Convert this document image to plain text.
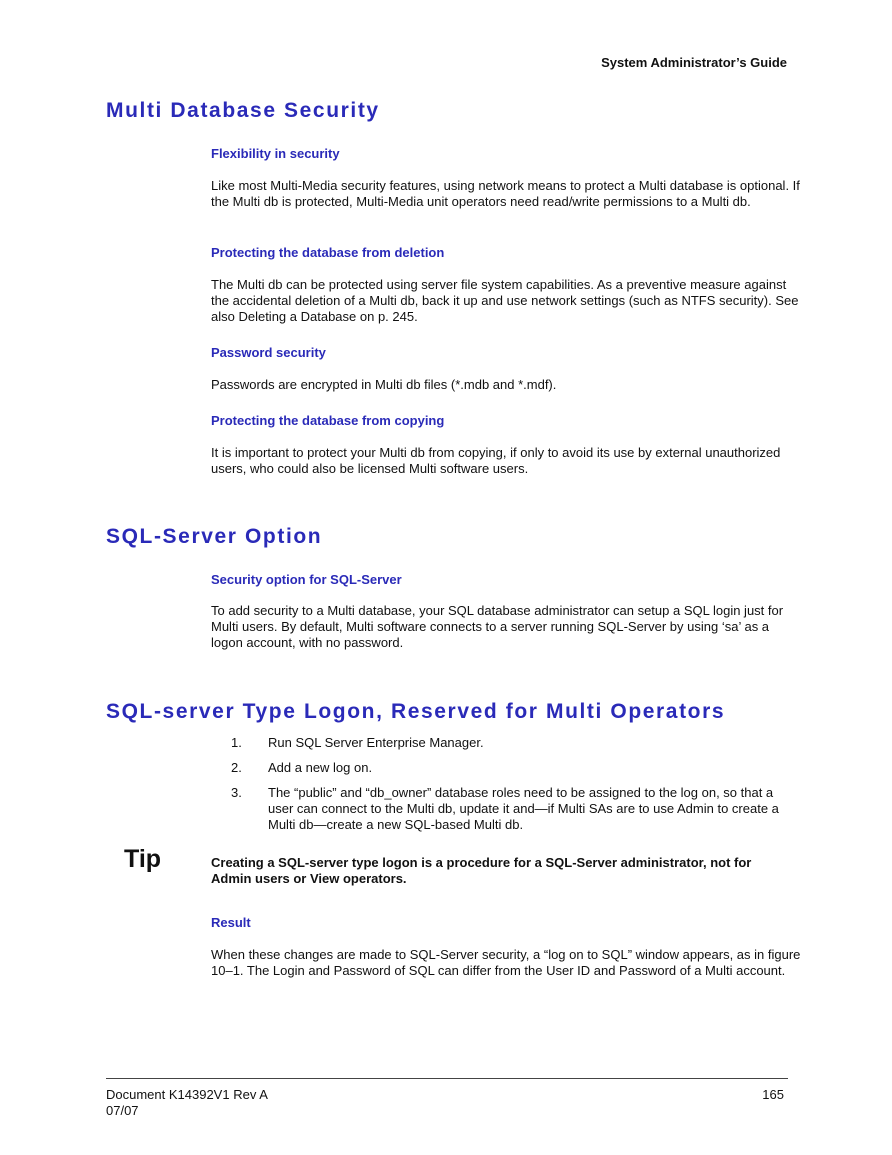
System Administrator’s Guide
Multi Database Security
Flexibility in security

Like most Multi-Media security features, using network means to protect a Multi database is optional. If the Multi db is protected, Multi-Media unit operators need read/write permissions to a Multi db.

Protecting the database from deletion

The Multi db can be protected using server file system capabilities. As a preventive measure against the accidental deletion of a Multi db, back it up and use network settings (such as NTFS security). See also Deleting a Database on p. 245.

Password security

Passwords are encrypted in Multi db files (*.mdb and *.mdf).

Protecting the database from copying

It is important to protect your Multi db from copying, if only to avoid its use by external unauthorized users, who could also be licensed Multi software users.

SQL-Server Option
Security option for SQL-Server

To add security to a Multi database, your SQL database administrator can setup a SQL login just for Multi users. By default, Multi software connects to a server running SQL-Server by using ‘sa’ as a logon account, with no password.

SQL-server Type Logon, Reserved for Multi Operators
1. Run SQL Server Enterprise Manager.
2. Add a new log on.
3. The “public” and “db_owner” database roles need to be assigned to the log on, so that a user can connect to the Multi db, update it and—if Multi SAs are to use Admin to create a Multi db—create a new SQL-based Multi db.
Tip	Creating a SQL-server type logon is a procedure for a SQL-Server administrator, not for Admin users or View operators.

Result

When these changes are made to SQL-Server security, a “log on to SQL” window appears, as in figure 10–1. The Login and Password of SQL can differ from the User ID and Password of a Multi account.

Document K14392V1 Rev A
07/07
165
